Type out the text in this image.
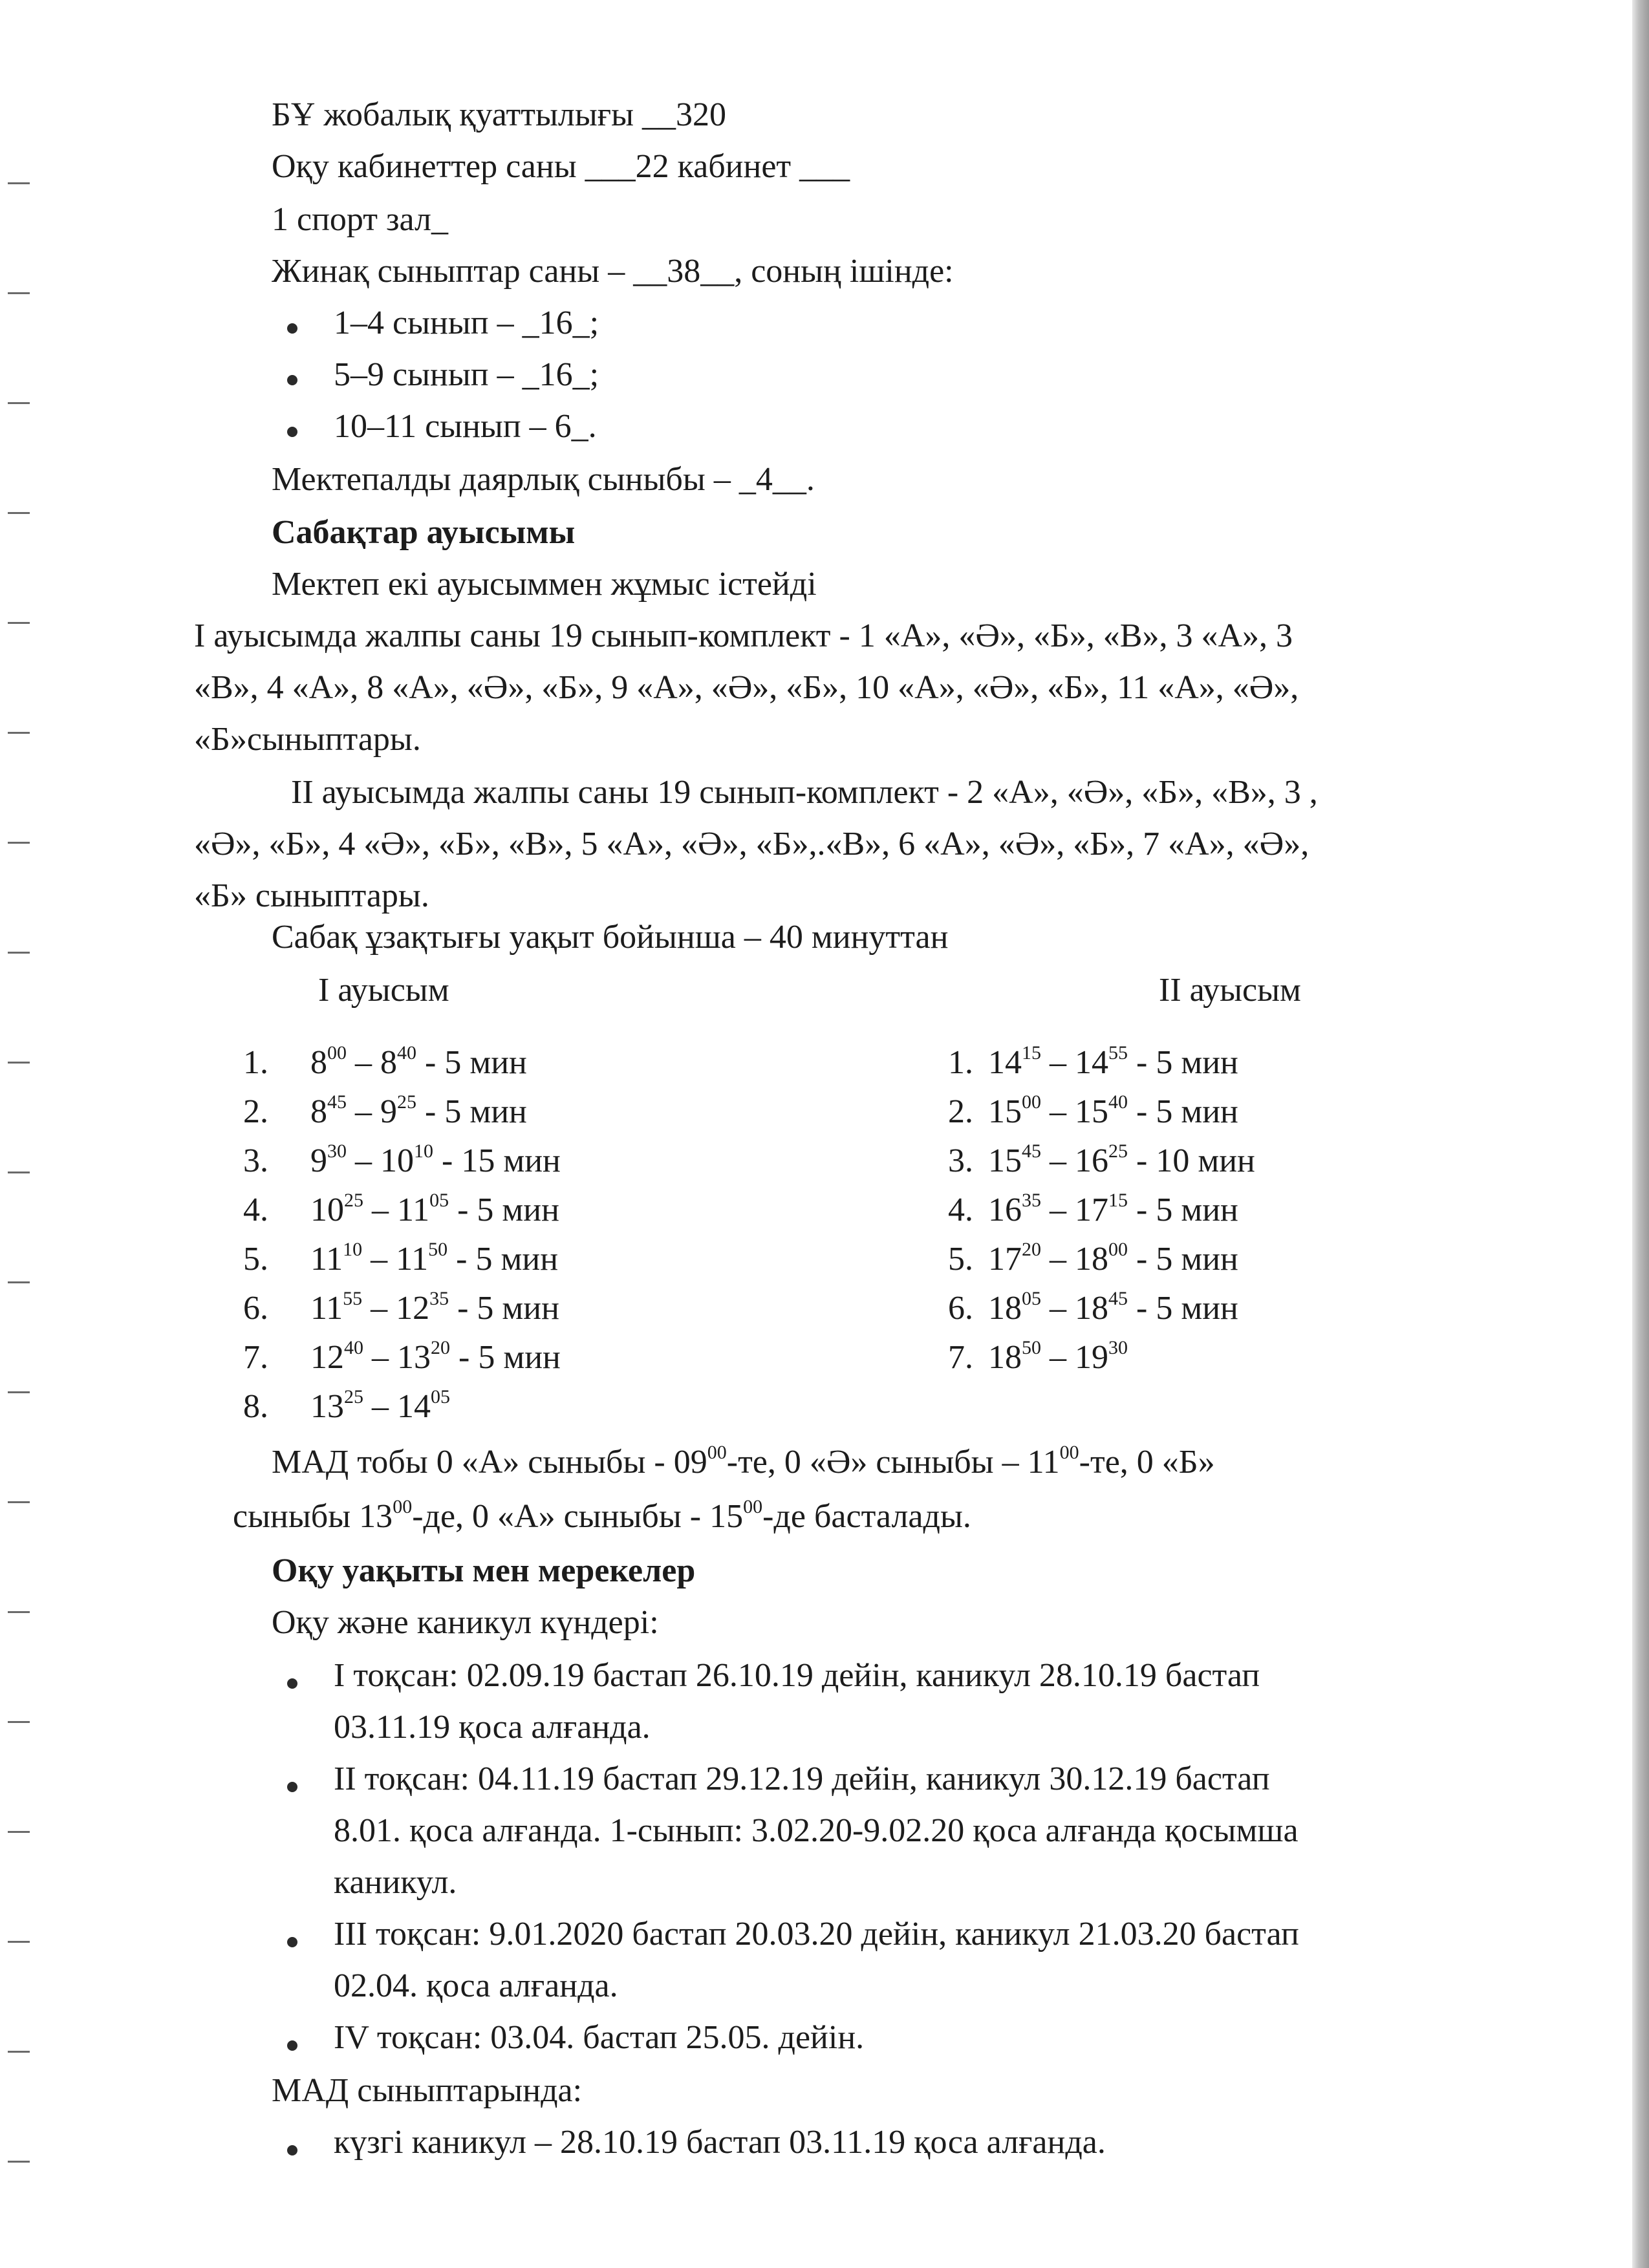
БҰ жобалық қуаттылығы __320
Оқу кабинеттер саны ___22 кабинет ___
1 спорт зал_
Жинақ сыныптар саны – __38__, соның ішінде:
1–4 сынып – _16_;
5–9 сынып – _16_;
10–11 сынып – 6_.
Мектепалды даярлық сыныбы – _4__.
Сабақтар ауысымы
Мектеп екі ауысыммен жұмыс істейді
I ауысымда жалпы саны 19 сынып-комплект - 1 «А», «Ә», «Б», «В», 3 «А», 3
«В», 4 «А», 8 «А», «Ә», «Б», 9 «А», «Ә», «Б», 10 «А», «Ә», «Б», 11 «А», «Ә»,
«Б»сыныптары.
II ауысымда жалпы саны 19 сынып-комплект - 2 «А», «Ә», «Б», «В», 3 ,
«Ә», «Б», 4 «Ә», «Б», «В», 5 «А», «Ә», «Б»,.«В», 6 «А», «Ә», «Б», 7 «А», «Ә»,
«Б» сыныптары.
Сабақ ұзақтығы уақыт бойынша – 40 минуттан
I ауысым	II ауысым
1. $8^{00} - 8^{40} - 5$ мин
2. $8^{45} - 9^{25} - 5$ мин
3. $9^{30} - 10^{10} - 15$ мин
4. $10^{25} - 11^{05} - 5$ мин
5. $11^{10} - 11^{50} - 5$ мин
6. $11^{55} - 12^{35} - 5$ мин
7. $12^{40} - 13^{20} - 5$ мин
8. $13^{25} - 14^{05}$
1. $14^{15} - 14^{55} - 5$ мин
2. $15^{00} - 15^{40} - 5$ мин
3. $15^{45} - 16^{25} - 10$ мин
4. $16^{35} - 17^{15} - 5$ мин
5. $17^{20} - 18^{00} - 5$ мин
6. $18^{05} - 18^{45} - 5$ мин
7. $18^{50} - 19^{30}$
МАД тобы 0 «А» сыныбы - $09^{00}-те$, 0 «Ә» сыныбы – $11^{00}-те$, 0 «Б»
сыныбы $13^{00}-де$, 0 «А» сыныбы - $15^{00}-де$ басталады.
Оқу уақыты мен мерекелер
Оқу және каникул күндері:
I тоқсан: 02.09.19 бастап 26.10.19 дейін, каникул 28.10.19 бастап
03.11.19 қоса алғанда.
II тоқсан: 04.11.19 бастап 29.12.19 дейін, каникул 30.12.19 бастап
8.01. қоса алғанда. 1-сынып: 3.02.20-9.02.20 қоса алғанда қосымша
каникул.
III тоқсан: 9.01.2020 бастап 20.03.20 дейін, каникул 21.03.20 бастап
02.04. қоса алғанда.
IV тоқсан: 03.04. бастап 25.05. дейін.
МАД сыныптарында:
күзгі каникул – 28.10.19 бастап 03.11.19 қоса алғанда.
